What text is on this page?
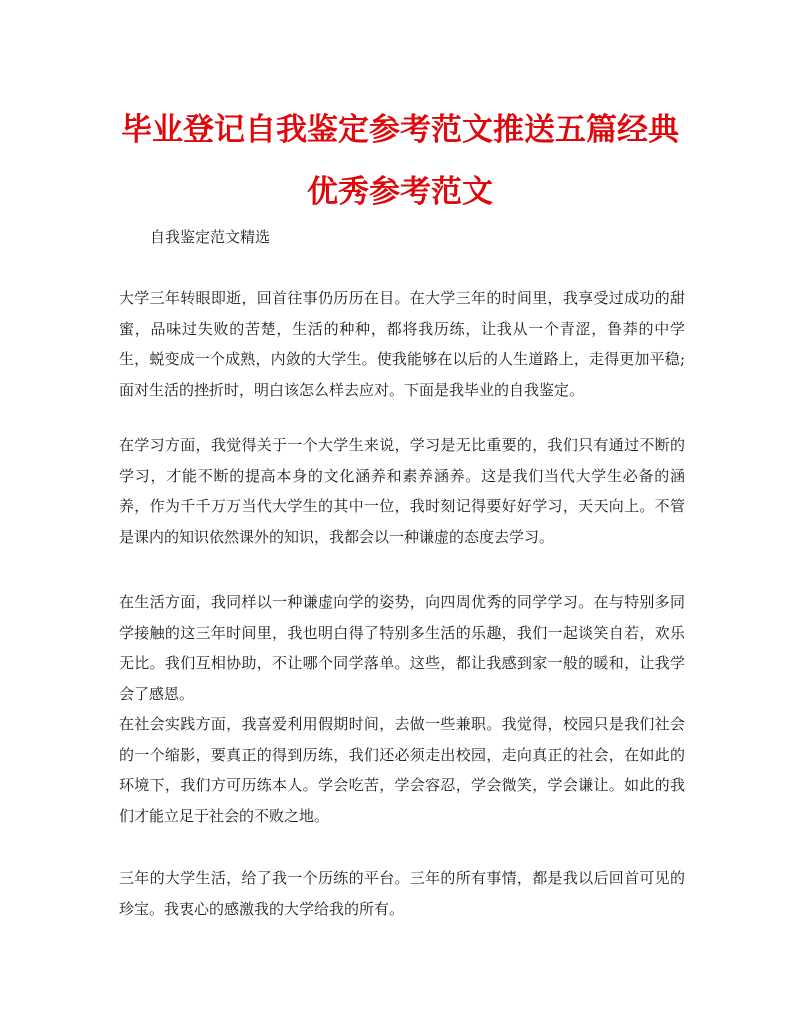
毕业登记自我鉴定参考范文推送五篇经典
优秀参考范文
自我鉴定范文精选

大学三年转眼即逝，回首往事仍历历在目。在大学三年的时间里，我享受过成功的甜蜜，品味过失败的苦楚，生活的种种，都将我历练，让我从一个青涩，鲁莽的中学生，蜕变成一个成熟，内敛的大学生。使我能够在以后的人生道路上，走得更加平稳;面对生活的挫折时，明白该怎么样去应对。下面是我毕业的自我鉴定。

在学习方面，我觉得关于一个大学生来说，学习是无比重要的，我们只有通过不断的学习，才能不断的提高本身的文化涵养和素养涵养。这是我们当代大学生必备的涵养，作为千千万万当代大学生的其中一位，我时刻记得要好好学习，天天向上。不管是课内的知识依然课外的知识，我都会以一种谦虚的态度去学习。

在生活方面，我同样以一种谦虚向学的姿势，向四周优秀的同学学习。在与特别多同学接触的这三年时间里，我也明白得了特别多生活的乐趣，我们一起谈笑自若，欢乐无比。我们互相协助，不让哪个同学落单。这些，都让我感到家一般的暖和，让我学会了感恩。

在社会实践方面，我喜爱利用假期时间，去做一些兼职。我觉得，校园只是我们社会的一个缩影，要真正的得到历练，我们还必须走出校园，走向真正的社会，在如此的环境下，我们方可历练本人。学会吃苦，学会容忍，学会微笑，学会谦让。如此的我们才能立足于社会的不败之地。

三年的大学生活，给了我一个历练的平台。三年的所有事情，都是我以后回首可见的珍宝。我衷心的感激我的大学给我的所有。
